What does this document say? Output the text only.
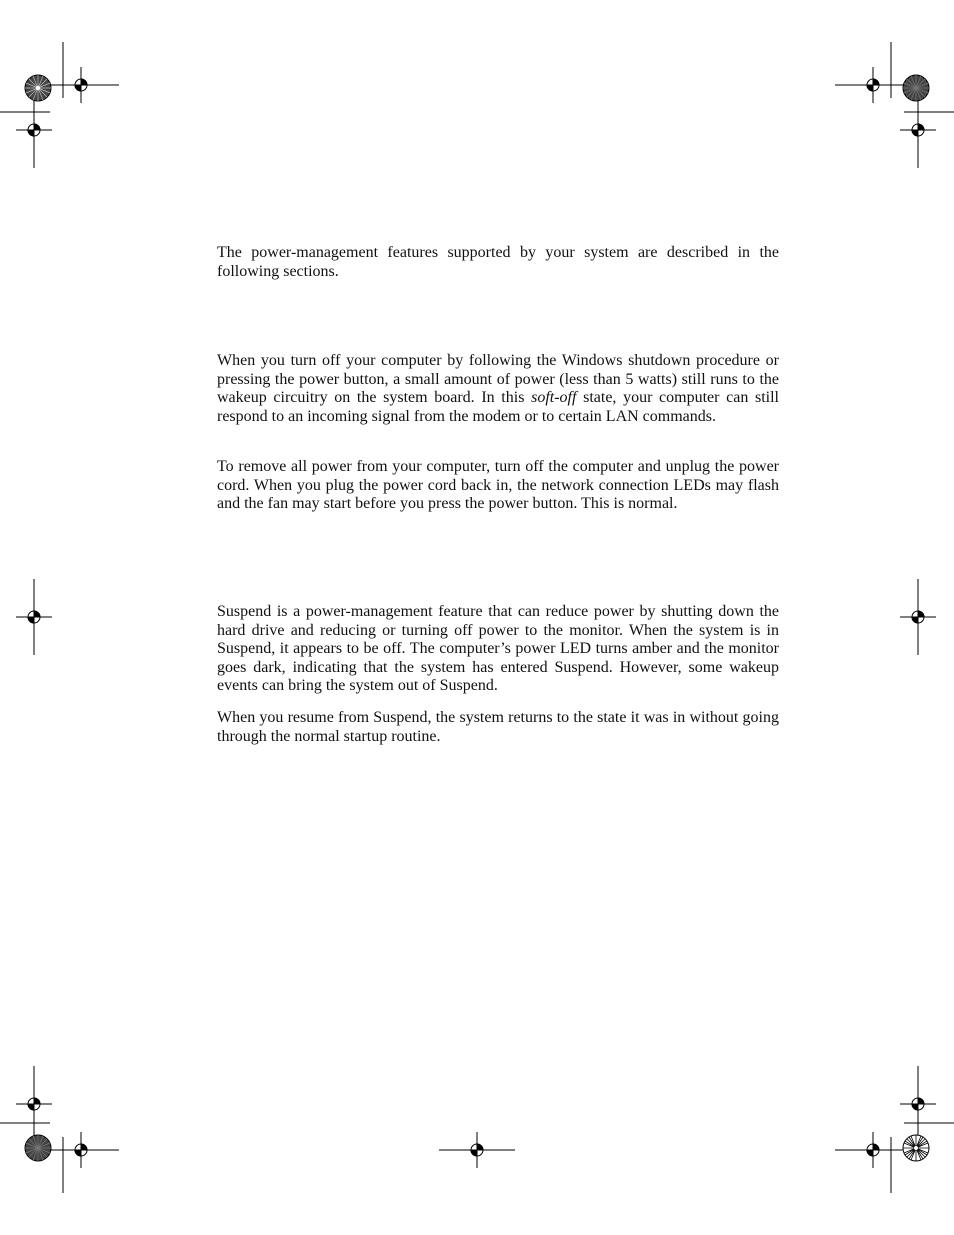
The power-management features supported by your system are described in the following sections.

When you turn off your computer by following the Windows shutdown procedure or pressing the power button, a small amount of power (less than 5 watts) still runs to the wakeup circuitry on the system board. In this soft-off state, your computer can still respond to an incoming signal from the modem or to certain LAN commands.

To remove all power from your computer, turn off the computer and unplug the power cord. When you plug the power cord back in, the network connection LEDs may flash and the fan may start before you press the power button. This is normal.

Suspend is a power-management feature that can reduce power by shutting down the hard drive and reducing or turning off power to the monitor. When the system is in Suspend, it appears to be off. The computer’s power LED turns amber and the monitor goes dark, indicating that the system has entered Suspend. However, some wakeup events can bring the system out of Suspend.

When you resume from Suspend, the system returns to the state it was in without going through the normal startup routine.
